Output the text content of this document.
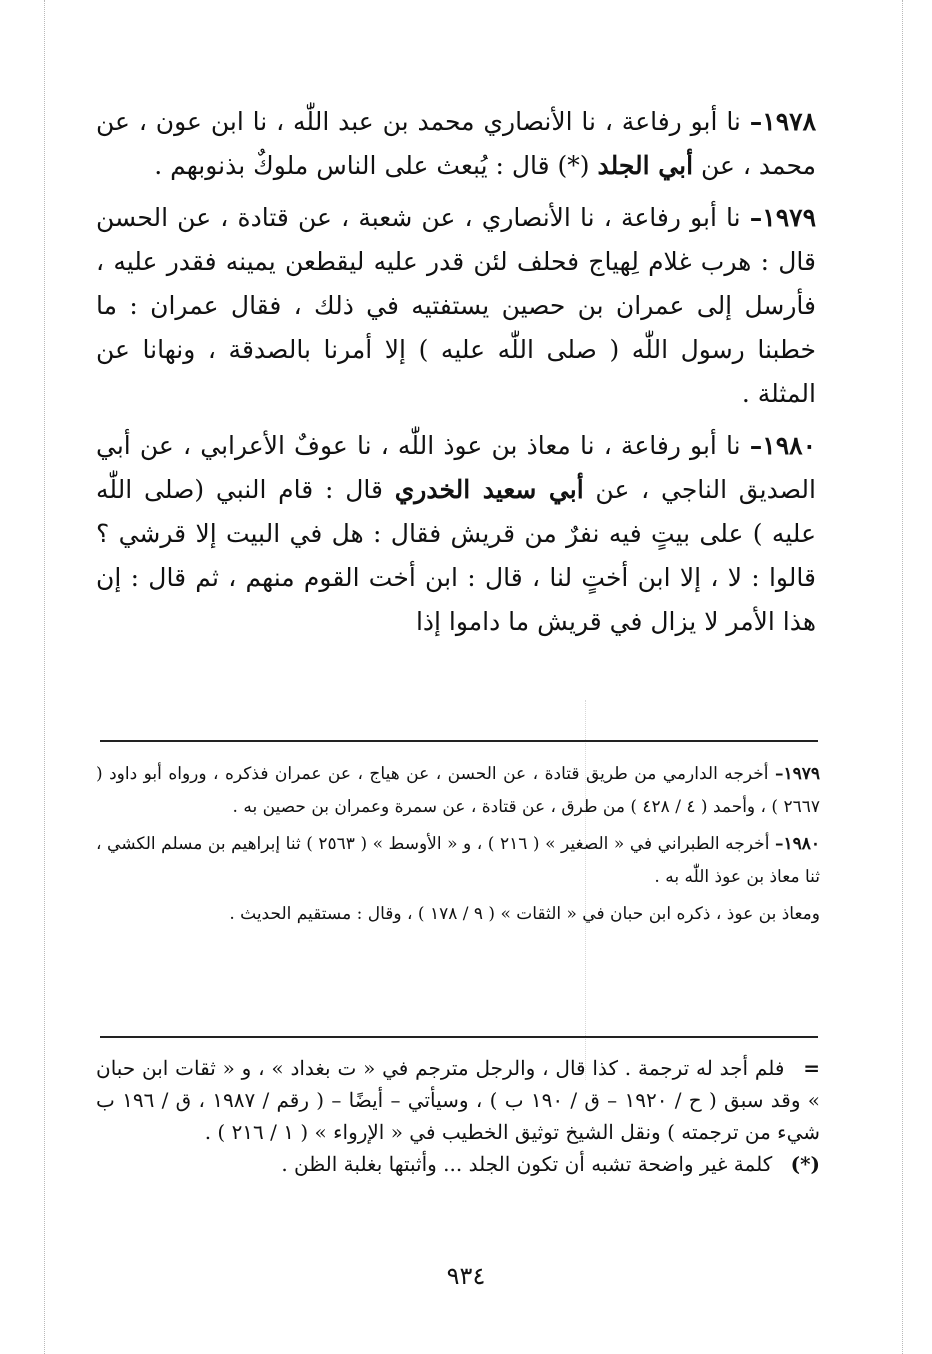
١٩٧٨– نا أبو رفاعة ، نا الأنصاري محمد بن عبد اللّٰه ، نا ابن عون ، عن محمد ، عن أبي الجلد (*) قال : يُبعث على الناس ملوكٌ بذنوبهم .

١٩٧٩– نا أبو رفاعة ، نا الأنصاري ، عن شعبة ، عن قتادة ، عن الحسن قال : هرب غلام لِهياج فحلف لئن قدر عليه ليقطعن يمينه فقدر عليه ، فأرسل إلى عمران بن حصين يستفتيه في ذلك ، فقال عمران : ما خطبنا رسول اللّٰه ( صلى اللّٰه عليه ) إلا أمرنا بالصدقة ، ونهانا عن المثلة .

١٩٨٠– نا أبو رفاعة ، نا معاذ بن عوذ اللّٰه ، نا عوفٌ الأعرابي ، عن أبي الصديق الناجي ، عن أبي سعيد الخدري قال : قام النبي (صلى اللّٰه عليه ) على بيتٍ فيه نفرٌ من قريش فقال : هل في البيت إلا قرشي ؟ قالوا : لا ، إلا ابن أختٍ لنا ، قال : ابن أخت القوم منهم ، ثم قال : إن هذا الأمر لا يزال في قريش ما داموا إذا

١٩٧٩– أخرجه الدارمي من طريق قتادة ، عن الحسن ، عن هياج ، عن عمران فذكره ، ورواه أبو داود ( ٢٦٦٧ ) ، وأحمد ( ٤ / ٤٢٨ ) من طرق ، عن قتادة ، عن سمرة وعمران بن حصين به .

١٩٨٠– أخرجه الطبراني في « الصغير » ( ٢١٦ ) ، و « الأوسط » ( ٢٥٦٣ ) ثنا إبراهيم بن مسلم الكشي ، ثنا معاذ بن عوذ اللّٰه به .

ومعاذ بن عوذ ، ذكره ابن حبان في « الثقات » ( ٩ / ١٧٨ ) ، وقال : مستقيم الحديث .

= فلم أجد له ترجمة . كذا قال ، والرجل مترجم في « ت بغداد » ، و « ثقات ابن حبان » وقد سبق ( ح / ١٩٢٠ – ق / ١٩٠ ب ) ، وسيأتي – أيضًا – ( رقم / ١٩٨٧ ، ق / ١٩٦ ب شيء من ترجمته ) ونقل الشيخ توثيق الخطيب في « الإرواء » ( ١ / ٢١٦ ) .

(*) كلمة غير واضحة تشبه أن تكون الجلد ... وأثبتها بغلبة الظن .

٩٣٤
